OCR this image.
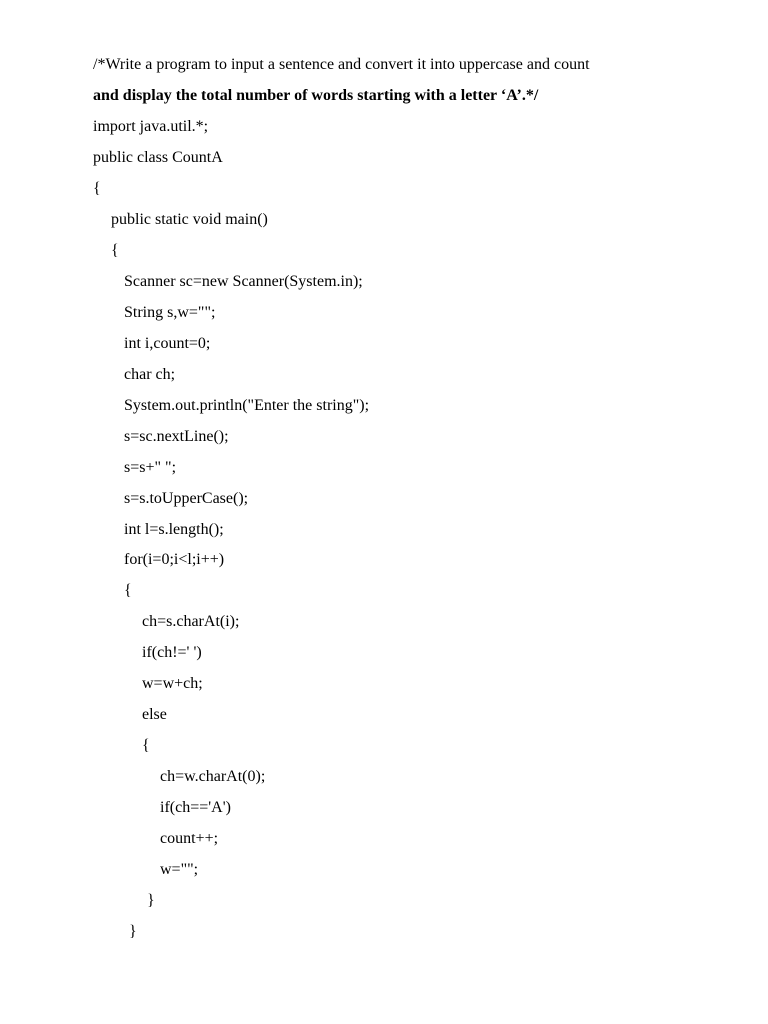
/*Write a program to input a sentence and convert it into uppercase and count
and display the total number of words starting with a letter ‘A’.*/
import java.util.*;
public class CountA
{
public static void main()
{
Scanner sc=new Scanner(System.in);
String s,w="";
int i,count=0;
char ch;
System.out.println("Enter the string");
s=sc.nextLine();
s=s+" ";
s=s.toUpperCase();
int l=s.length();
for(i=0;i<l;i++)
{
ch=s.charAt(i);
if(ch!=' ')
w=w+ch;
else
{
ch=w.charAt(0);
if(ch=='A')
count++;
w="";
}
}
